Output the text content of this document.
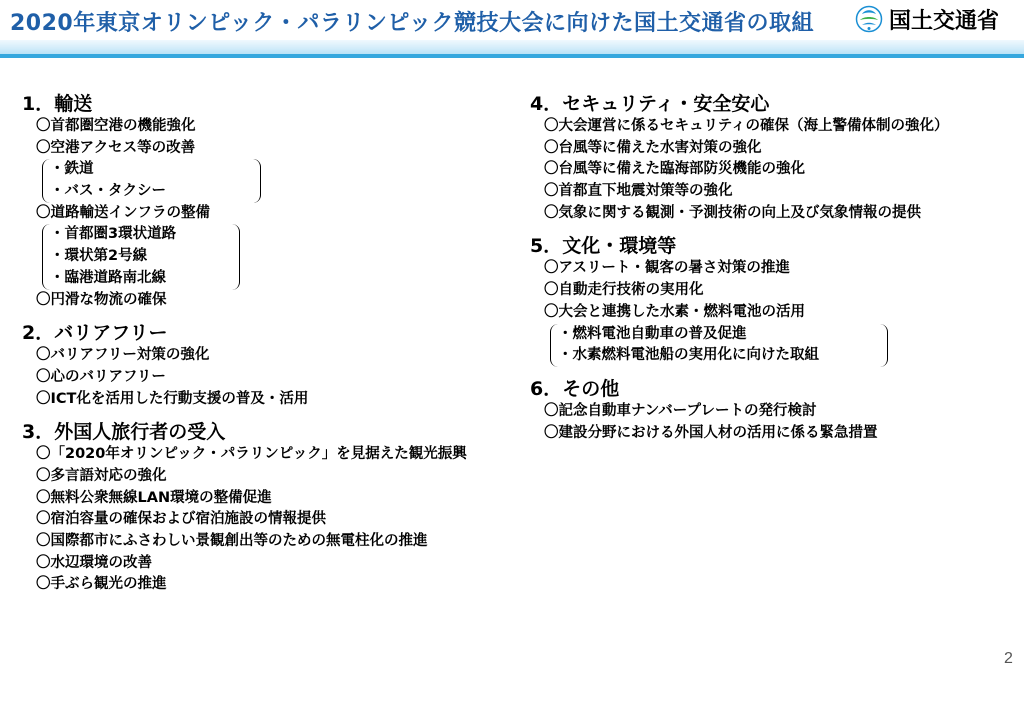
2020年東京オリンピック・パラリンピック競技大会に向けた国土交通省の取組	国土交通省
1．輸送
〇首都圏空港の機能強化
〇空港アクセス等の改善
・鉄道
・バス・タクシー
〇道路輸送インフラの整備
・首都圏3環状道路
・環状第2号線
・臨港道路南北線
〇円滑な物流の確保
2．バリアフリー
〇バリアフリー対策の強化
〇心のバリアフリー
〇ICT化を活用した行動支援の普及・活用
3．外国人旅行者の受入
〇「2020年オリンピック・パラリンピック」を見据えた観光振興
〇多言語対応の強化
〇無料公衆無線LAN環境の整備促進
〇宿泊容量の確保および宿泊施設の情報提供
〇国際都市にふさわしい景観創出等のための無電柱化の推進
〇水辺環境の改善
〇手ぶら観光の推進
4．セキュリティ・安全安心
〇大会運営に係るセキュリティの確保（海上警備体制の強化）
〇台風等に備えた水害対策の強化
〇台風等に備えた臨海部防災機能の強化
〇首都直下地震対策等の強化
〇気象に関する観測・予測技術の向上及び気象情報の提供
5．文化・環境等
〇アスリート・観客の暑さ対策の推進
〇自動走行技術の実用化
〇大会と連携した水素・燃料電池の活用
・燃料電池自動車の普及促進
・水素燃料電池船の実用化に向けた取組
6．その他
〇記念自動車ナンバープレートの発行検討
〇建設分野における外国人材の活用に係る緊急措置
2
